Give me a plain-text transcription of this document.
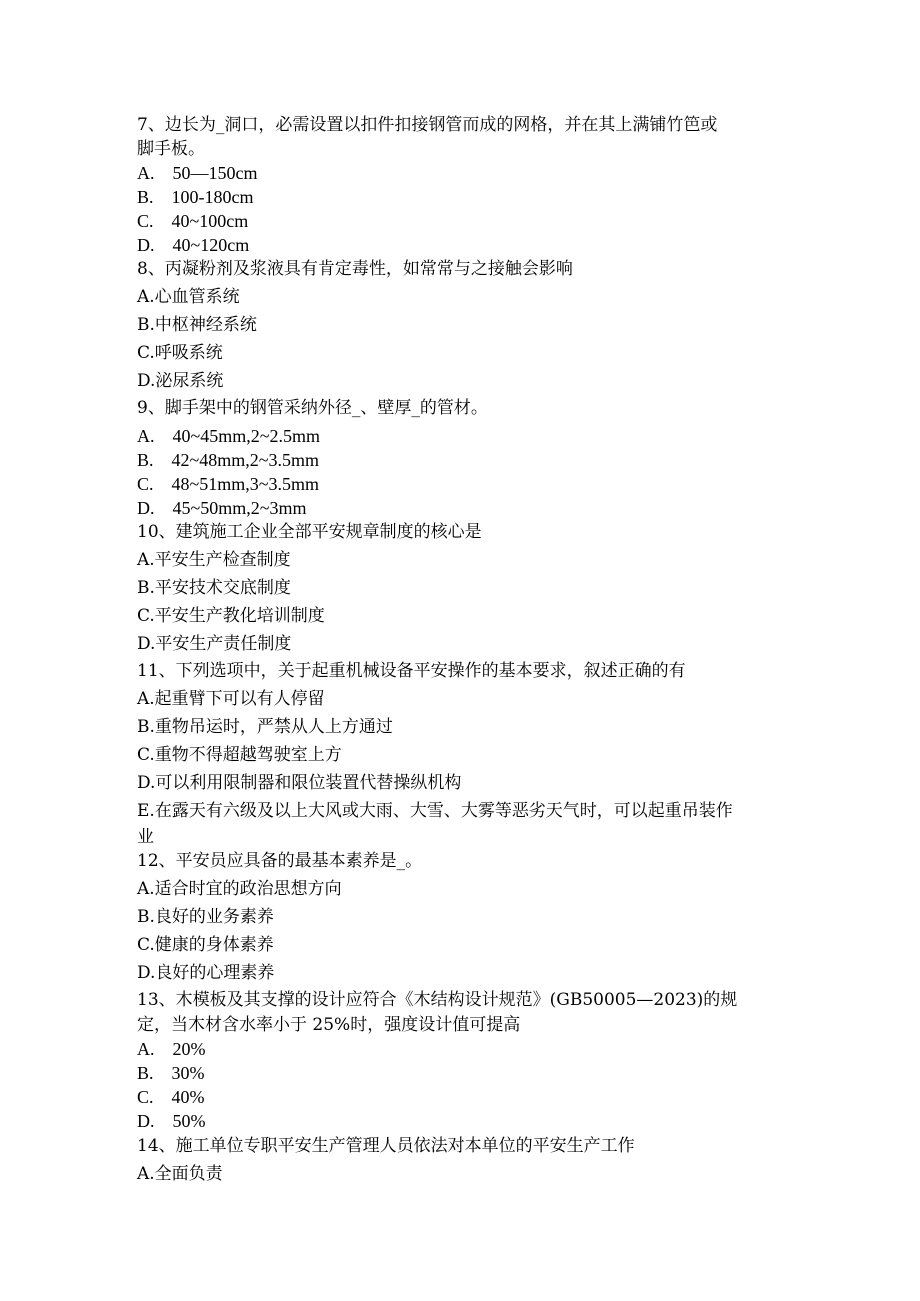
7、边长为_洞口，必需设置以扣件扣接钢管而成的网格，并在其上满铺竹笆或
脚手板。
A.　50—150cm
B.　100-180cm
C.　40~100cm
D.　40~120cm
8、丙凝粉剂及浆液具有肯定毒性，如常常与之接触会影响
A.心血管系统
B.中枢神经系统
C.呼吸系统
D.泌尿系统
9、脚手架中的钢管采纳外径_、壁厚_的管材。
A.　40~45mm,2~2.5mm
B.　42~48mm,2~3.5mm
C.　48~51mm,3~3.5mm
D.　45~50mm,2~3mm
10、建筑施工企业全部平安规章制度的核心是
A.平安生产检查制度
B.平安技术交底制度
C.平安生产教化培训制度
D.平安生产责任制度
11、下列选项中，关于起重机械设备平安操作的基本要求，叙述正确的有
A.起重臂下可以有人停留
B.重物吊运时，严禁从人上方通过
C.重物不得超越驾驶室上方
D.可以利用限制器和限位装置代替操纵机构
E.在露天有六级及以上大风或大雨、大雪、大雾等恶劣天气时，可以起重吊装作
业
12、平安员应具备的最基本素养是_。
A.适合时宜的政治思想方向
B.良好的业务素养
C.健康的身体素养
D.良好的心理素养
13、木模板及其支撑的设计应符合《木结构设计规范》(GB50005—2023)的规
定，当木材含水率小于 25%时，强度设计值可提高
A.　20%
B.　30%
C.　40%
D.　50%
14、施工单位专职平安生产管理人员依法对本单位的平安生产工作
A.全面负责
